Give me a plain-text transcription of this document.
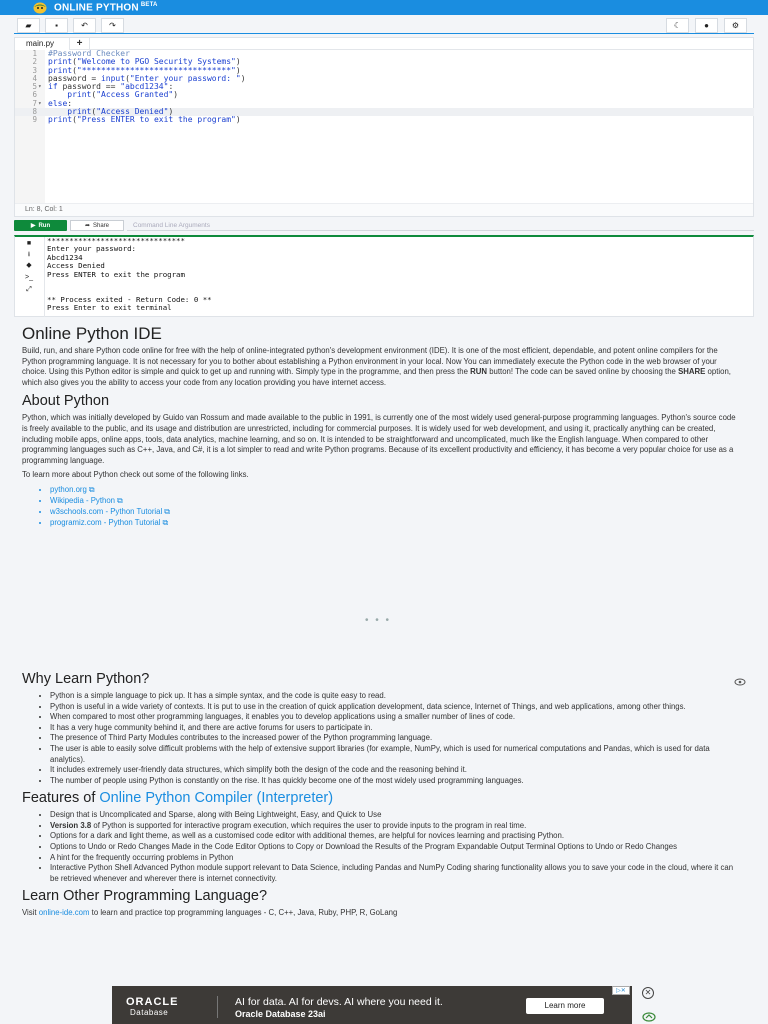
ONLINE PYTHON $^{BETA}$
▰	▪	↶	↷	☾	●	⚙
main.py	+
1 #Password Checker
2 print("Welcome to PGO Security Systems")
3 print("*******************************")
4 password = input("Enter your password: ")
5 ▾ if password == "abcd1234":
6	print("Access Granted")
7 ▾ else:
8	print("Access Denied")
9 print("Press ENTER to exit the program")
Ln: 8, Col: 1
▶ Run	➦ Share	Command Line Arguments
■
⭳
◆
>_
⤢
*******************************
Enter your password:
Abcd1234
Access Denied
Press ENTER to exit the program

** Process exited - Return Code: 0 **
Press Enter to exit terminal
Online Python IDE

Build, run, and share Python code online for free with the help of online-integrated python's development environment (IDE). It is one of the most efficient, dependable, and potent online compilers for the Python programming language. It is not necessary for you to bother about establishing a Python environment in your local. Now You can immediately execute the Python code in the web browser of your choice. Using this Python editor is simple and quick to get up and running with. Simply type in the programme, and then press the RUN button! The code can be saved online by choosing the SHARE option, which also gives you the ability to access your code from any location providing you have internet access.

About Python

Python, which was initially developed by Guido van Rossum and made available to the public in 1991, is currently one of the most widely used general-purpose programming languages. Python's source code is freely available to the public, and its usage and distribution are unrestricted, including for commercial purposes. It is widely used for web development, and using it, practically anything can be created, including mobile apps, online apps, tools, data analytics, machine learning, and so on. It is intended to be straightforward and uncomplicated, much like the English language. When compared to other programming languages such as C++, Java, and C#, it is a lot simpler to read and write Python programs. Because of its excellent productivity and efficiency, it has become a very popular choice for use as a programming language.

To learn more about Python check out some of the following links.

• python.org ⧉
• Wikipedia - Python ⧉
• w3schools.com - Python Tutorial ⧉
• programiz.com - Python Tutorial ⧉
Why Learn Python?
• Python is a simple language to pick up. It has a simple syntax, and the code is quite easy to read.
• Python is useful in a wide variety of contexts. It is put to use in the creation of quick application development, data science, Internet of Things, and web applications, among other things.
• When compared to most other programming languages, it enables you to develop applications using a smaller number of lines of code.
• It has a very huge community behind it, and there are active forums for users to participate in.
• The presence of Third Party Modules contributes to the increased power of the Python programming language.
• The user is able to easily solve difficult problems with the help of extensive support libraries (for example, NumPy, which is used for numerical computations and Pandas, which is used for data analytics).
• It includes extremely user-friendly data structures, which simplify both the design of the code and the reasoning behind it.
• The number of people using Python is constantly on the rise. It has quickly become one of the most widely used programming languages.
Features of Online Python Compiler (Interpreter)
• Design that is Uncomplicated and Sparse, along with Being Lightweight, Easy, and Quick to Use
• Version 3.8 of Python is supported for interactive program execution, which requires the user to provide inputs to the program in real time.
• Options for a dark and light theme, as well as a customised code editor with additional themes, are helpful for novices learning and practising Python.
• Options to Undo or Redo Changes Made in the Code Editor Options to Copy or Download the Results of the Program Expandable Output Terminal Options to Undo or Redo Changes
• A hint for the frequently occurring problems in Python
• Interactive Python Shell Advanced Python module support relevant to Data Science, including Pandas and NumPy Coding sharing functionality allows you to save your code in the cloud, where it can be retrieved whenever and wherever there is internet connectivity.
Learn Other Programming Language?

Visit online-ide.com to learn and practice top programming languages - C, C++, Java, Ruby, PHP, R, GoLang

• • •
ORACLE
Database
AI for data. AI for devs. AI where you need it.
Oracle Database 23ai
Learn more
▷✕	✕
